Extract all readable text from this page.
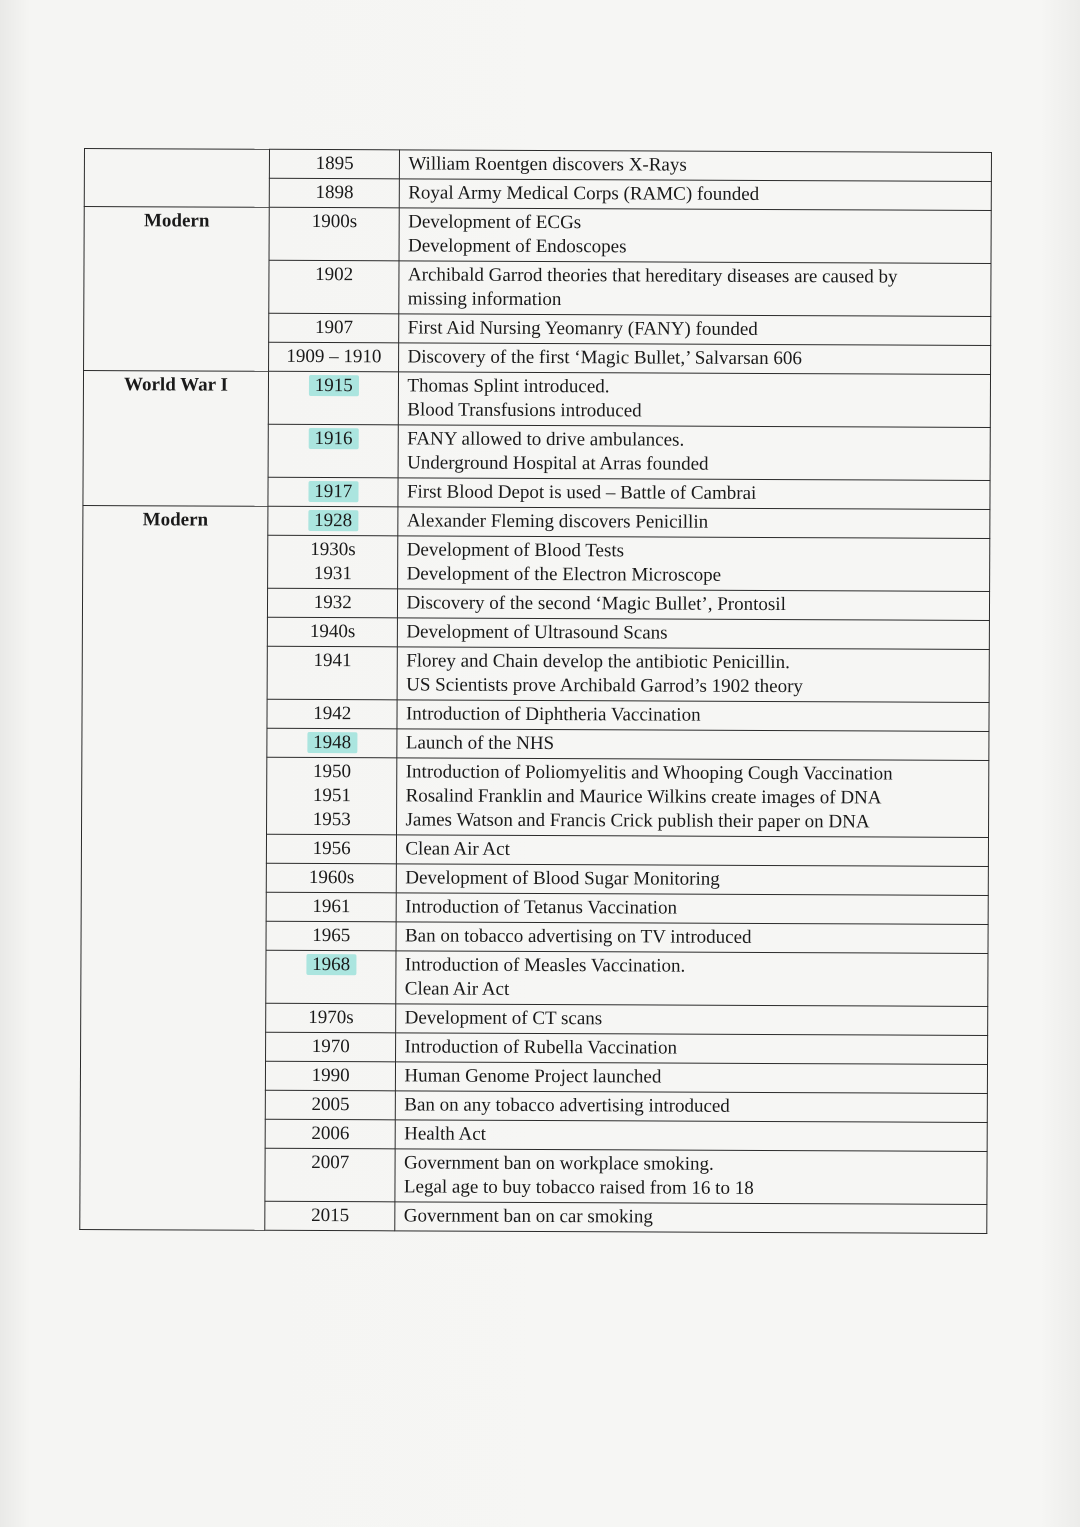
	1895	William Roentgen discovers X-Rays

	1898	Royal Army Medical Corps (RAMC) founded

Modern	1900s	Development of ECGs
Development of Endoscopes

	1902	Archibald Garrod theories that hereditary diseases are caused by
missing information

	1907	First Aid Nursing Yeomanry (FANY) founded

	1909 – 1910	Discovery of the first ‘Magic Bullet,’ Salvarsan 606

World War I	1915	Thomas Splint introduced.
Blood Transfusions introduced

	1916	FANY allowed to drive ambulances.
Underground Hospital at Arras founded

	1917	First Blood Depot is used – Battle of Cambrai

Modern	1928	Alexander Fleming discovers Penicillin

	1930s
1931	Development of Blood Tests
Development of the Electron Microscope

	1932	Discovery of the second ‘Magic Bullet’, Prontosil

	1940s	Development of Ultrasound Scans

	1941	Florey and Chain develop the antibiotic Penicillin.
US Scientists prove Archibald Garrod’s 1902 theory

	1942	Introduction of Diphtheria Vaccination

	1948	Launch of the NHS

	1950
1951
1953	Introduction of Poliomyelitis and Whooping Cough Vaccination
Rosalind Franklin and Maurice Wilkins create images of DNA
James Watson and Francis Crick publish their paper on DNA

	1956	Clean Air Act

	1960s	Development of Blood Sugar Monitoring

	1961	Introduction of Tetanus Vaccination

	1965	Ban on tobacco advertising on TV introduced

	1968	Introduction of Measles Vaccination.
Clean Air Act

	1970s	Development of CT scans

	1970	Introduction of Rubella Vaccination

	1990	Human Genome Project launched

	2005	Ban on any tobacco advertising introduced

	2006	Health Act

	2007	Government ban on workplace smoking.
Legal age to buy tobacco raised from 16 to 18

	2015	Government ban on car smoking
